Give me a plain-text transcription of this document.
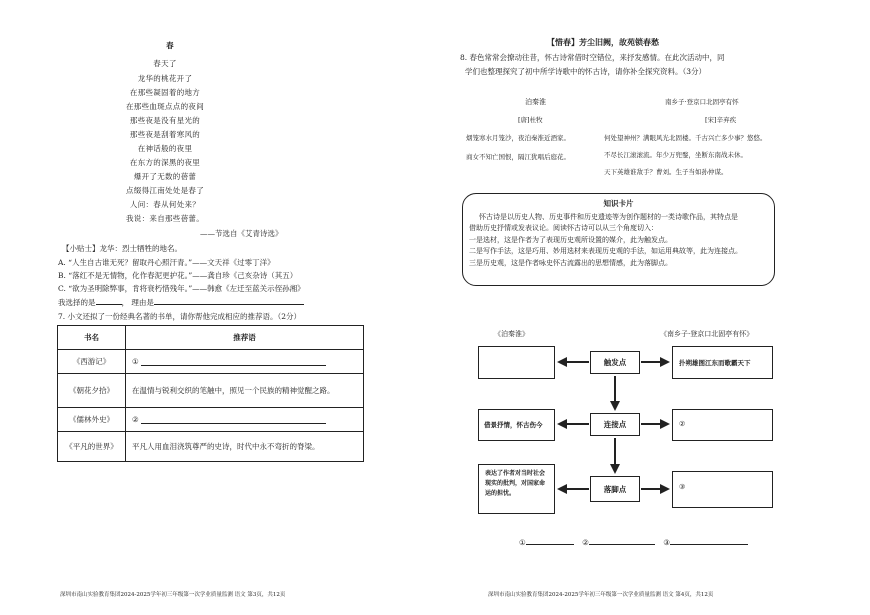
春
春天了
龙华的桃花开了
在那些凝固着的地方
在那些血斑点点的夜间
那些夜是没有星光的
那些夜是刮着寒风的
在神话般的夜里
在东方的深黑的夜里
爆开了无数的蓓蕾
点缀得江南处处是春了
人问：春从何处来？
我说：来自那些蓓蕾。
——节选自《艾青诗选》
【小贴士】龙华：烈士牺牲的地名。
A. “人生自古谁无死？留取丹心照汗青。”——文天祥《过零丁洋》
B. “落红不是无情物，化作春泥更护花。”——龚自珍《己亥杂诗（其五）
C. “欲为圣明除弊事，肯将衰朽惜残年。”——韩愈《左迁至蓝关示侄孙湘》
我选择的是	， 理由是
7. 小文还拟了一份经典名著的书单，请你帮他完成相应的推荐语。（2分）
书名	推荐语
《西游记》	①
《朝花夕拾》	在温情与锐利交织的笔触中，照见一个民族的精神觉醒之路。
《儒林外史》	②
《平凡的世界》	平凡人用血泪浇筑尊严的史诗，时代中永不弯折的脊梁。
深圳市南山实验教育集团2024-2025学年初三年级第一次学业质量监测 语文 第3页，共12页
【惜春】芳尘旧阙，故苑锁春愁
8. 春色常常会撩动往昔，怀古诗常借时空错位，来抒发感情。在此次活动中，同
学们也整理探究了初中所学诗歌中的怀古诗，请你补全探究资料。（3分）
泊秦淮
[唐]杜牧
烟笼寒水月笼沙，夜泊秦淮近酒家。
商女不知亡国恨，隔江犹唱后庭花。
南乡子·登京口北固亭有怀
[宋]辛弃疾
何处望神州？满眼风光北固楼。千古兴亡多少事？悠悠。
不尽长江滚滚流。年少万兜鍪，坐断东南战未休。
天下英雄谁敌手？曹刘。生子当如孙仲谋。

知识卡片

怀古诗是以历史人物、历史事件和历史遗迹等为创作题材的一类诗歌作品，其特点是

借助历史抒情或发表议论。阅读怀古诗可以从三个角度切入：

一是选材，这是作者为了表现历史观所设置的媒介，此为触发点。

二是写作手法，这是巧用、妙用选材来表现历史观的手法，如运用典故等，此为连接点。

三是历史观，这是作者咏史怀古流露出的思想情感，此为落脚点。

《泊秦淮》	《南乡子·登京口北固亭有怀》
扑朔雄图江东而歌霸天下
借景抒情，怀古伤今	②
表达了作者对当时社会现实的批判，对国家命运的担忧。
③
触发点
连接点
落脚点
①	②	③
深圳市南山实验教育集团2024-2025学年初三年级第一次学业质量监测 语文 第4页，共12页
